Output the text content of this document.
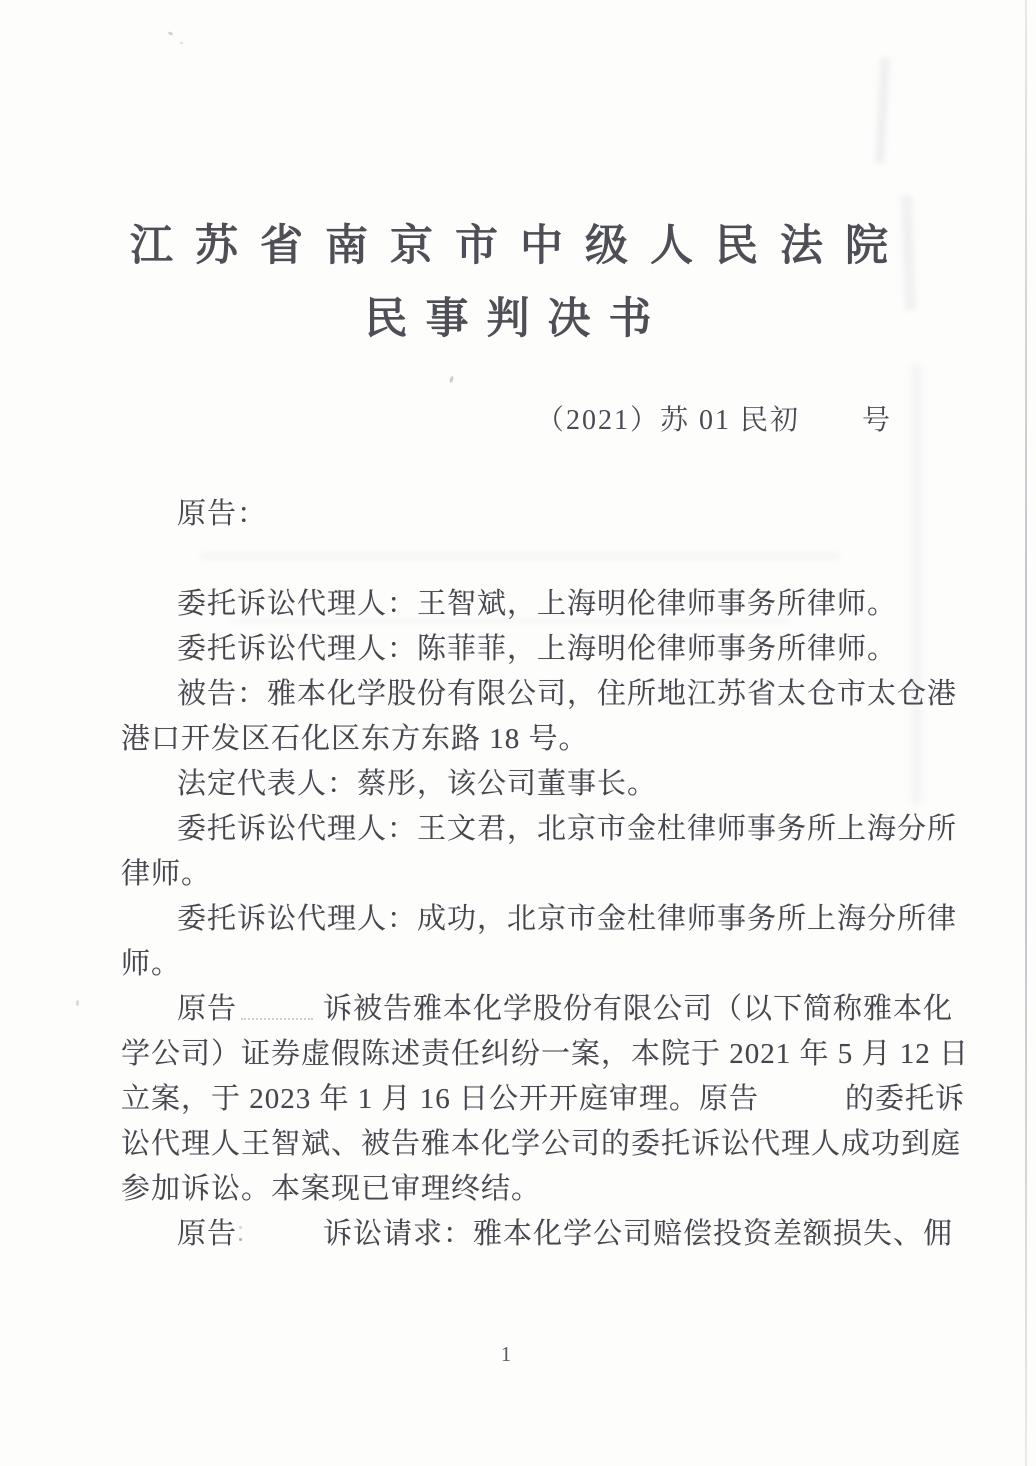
江苏省南京市中级人民法院
民事判决书
（2021）苏 01 民初 号
原告：
委托诉讼代理人：王智斌，上海明伦律师事务所律师。
委托诉讼代理人：陈菲菲，上海明伦律师事务所律师。
被告：雅本化学股份有限公司，住所地江苏省太仓市太仓港
港口开发区石化区东方东路 18 号。
法定代表人：蔡彤，该公司董事长。
委托诉讼代理人：王文君，北京市金杜律师事务所上海分所
律师。
委托诉讼代理人：成功，北京市金杜律师事务所上海分所律
师。
原告	诉被告雅本化学股份有限公司（以下简称雅本化
学公司）证券虚假陈述责任纠纷一案，本院于 2021 年 5 月 12 日
立案，于 2023 年 1 月 16 日公开开庭审理。原告	的委托诉
讼代理人王智斌、被告雅本化学公司的委托诉讼代理人成功到庭
参加诉讼。本案现已审理终结。
原告	诉讼请求：雅本化学公司赔偿投资差额损失、佣
1
